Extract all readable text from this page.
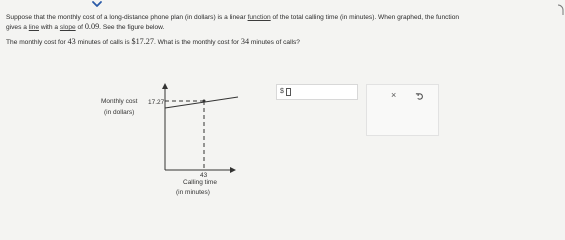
Suppose that the monthly cost of a long-distance phone plan (in dollars) is a linear function of the total calling time (in minutes). When graphed, the function

gives a line with a slope of 0.09. See the figure below.

The monthly cost for 43 minutes of calls is $17.27. What is the monthly cost for 34 minutes of calls?

Monthly cost
(in dollars)
17.27
43
Calling time
(in minutes)
$	×
